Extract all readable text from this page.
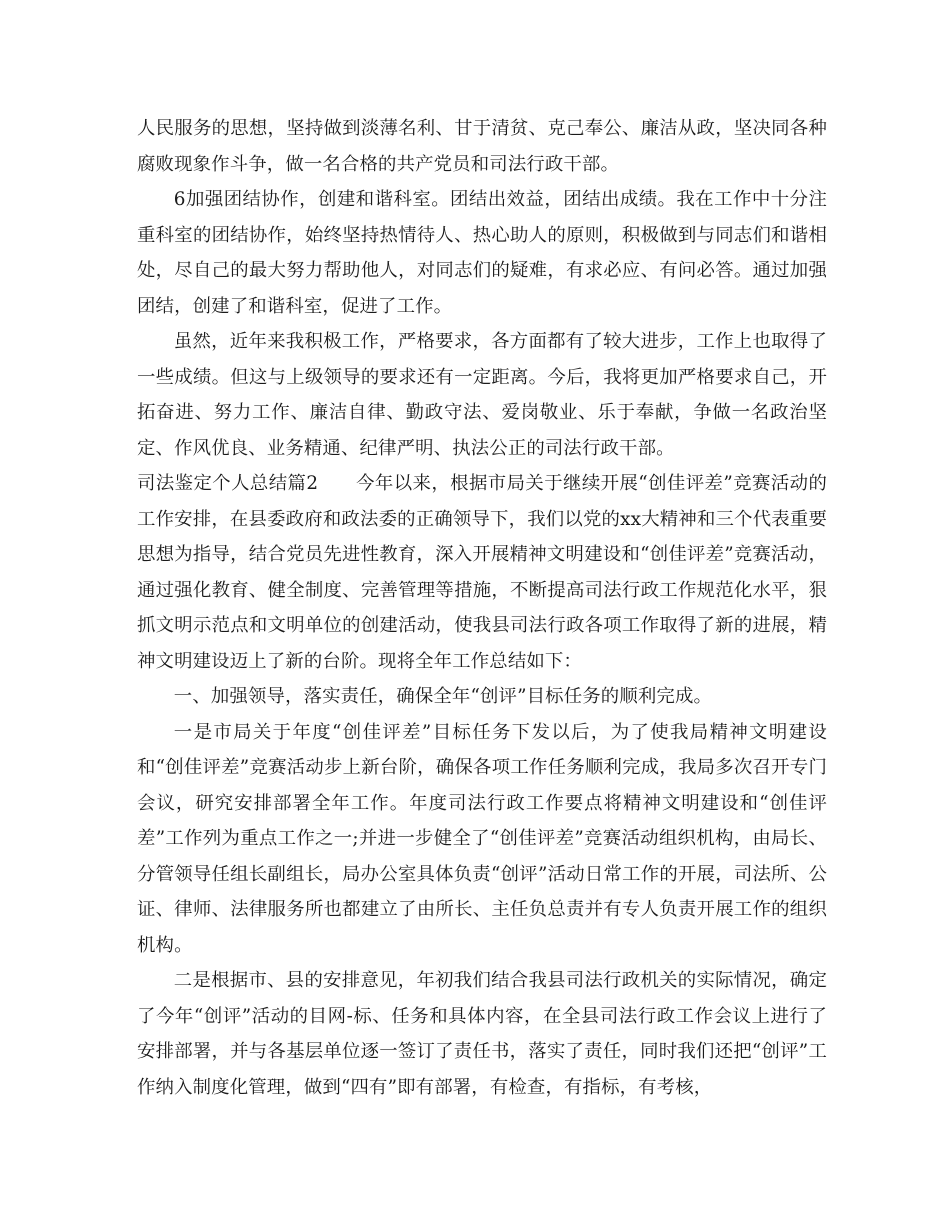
人民服务的思想，坚持做到淡薄名利、甘于清贫、克己奉公、廉洁从政，坚决同各种腐败现象作斗争，做一名合格的共产党员和司法行政干部。

6加强团结协作，创建和谐科室。团结出效益，团结出成绩。我在工作中十分注重科室的团结协作，始终坚持热情待人、热心助人的原则，积极做到与同志们和谐相处，尽自己的最大努力帮助他人，对同志们的疑难，有求必应、有问必答。通过加强团结，创建了和谐科室，促进了工作。

虽然，近年来我积极工作，严格要求，各方面都有了较大进步，工作上也取得了一些成绩。但这与上级领导的要求还有一定距离。今后，我将更加严格要求自己，开拓奋进、努力工作、廉洁自律、勤政守法、爱岗敬业、乐于奉献，争做一名政治坚定、作风优良、业务精通、纪律严明、执法公正的司法行政干部。

司法鉴定个人总结篇2　　今年以来，根据市局关于继续开展“创佳评差”竞赛活动的工作安排，在县委政府和政法委的正确领导下，我们以党的xx大精神和三个代表重要思想为指导，结合党员先进性教育，深入开展精神文明建设和“创佳评差”竞赛活动，通过强化教育、健全制度、完善管理等措施，不断提高司法行政工作规范化水平，狠抓文明示范点和文明单位的创建活动，使我县司法行政各项工作取得了新的进展，精神文明建设迈上了新的台阶。现将全年工作总结如下：

一、加强领导，落实责任，确保全年“创评”目标任务的顺利完成。

一是市局关于年度“创佳评差”目标任务下发以后，为了使我局精神文明建设和“创佳评差”竞赛活动步上新台阶，确保各项工作任务顺利完成，我局多次召开专门会议，研究安排部署全年工作。年度司法行政工作要点将精神文明建设和“创佳评差”工作列为重点工作之一;并进一步健全了“创佳评差”竞赛活动组织机构，由局长、分管领导任组长副组长，局办公室具体负责“创评”活动日常工作的开展，司法所、公证、律师、法律服务所也都建立了由所长、主任负总责并有专人负责开展工作的组织机构。

二是根据市、县的安排意见，年初我们结合我县司法行政机关的实际情况，确定了今年“创评”活动的目网-标、任务和具体内容，在全县司法行政工作会议上进行了安排部署，并与各基层单位逐一签订了责任书，落实了责任，同时我们还把“创评”工作纳入制度化管理，做到“四有”即有部署，有检查，有指标，有考核，
